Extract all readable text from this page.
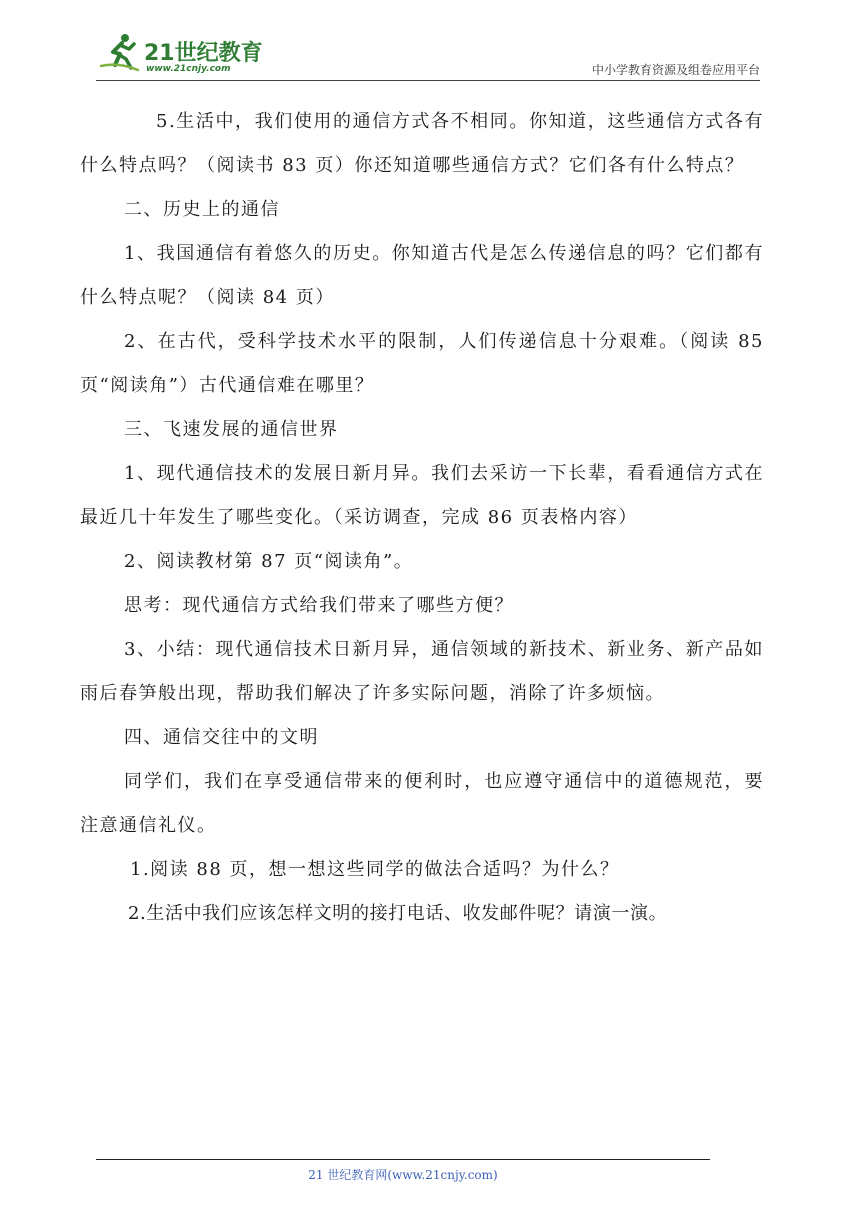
21世纪教育
www.21cnjy.com	中小学教育资源及组卷应用平台

5.生活中，我们使用的通信方式各不相同。你知道，这些通信方式各有什么特点吗？（阅读书 83 页）你还知道哪些通信方式？它们各有什么特点？

二、历史上的通信

1、我国通信有着悠久的历史。你知道古代是怎么传递信息的吗？它们都有什么特点呢？（阅读 84 页）

2、在古代，受科学技术水平的限制，人们传递信息十分艰难。（阅读 85 页“阅读角”）古代通信难在哪里？

三、飞速发展的通信世界

1、现代通信技术的发展日新月异。我们去采访一下长辈，看看通信方式在最近几十年发生了哪些变化。（采访调查，完成 86 页表格内容）

2、阅读教材第 87 页“阅读角”。

思考：现代通信方式给我们带来了哪些方便？

3、小结：现代通信技术日新月异，通信领域的新技术、新业务、新产品如雨后春笋般出现，帮助我们解决了许多实际问题，消除了许多烦恼。

四、通信交往中的文明

同学们，我们在享受通信带来的便利时，也应遵守通信中的道德规范，要注意通信礼仪。

1.阅读 88 页，想一想这些同学的做法合适吗？为什么？

2.生活中我们应该怎样文明的接打电话、收发邮件呢？请演一演。

21 世纪教育网(www.21cnjy.com)
